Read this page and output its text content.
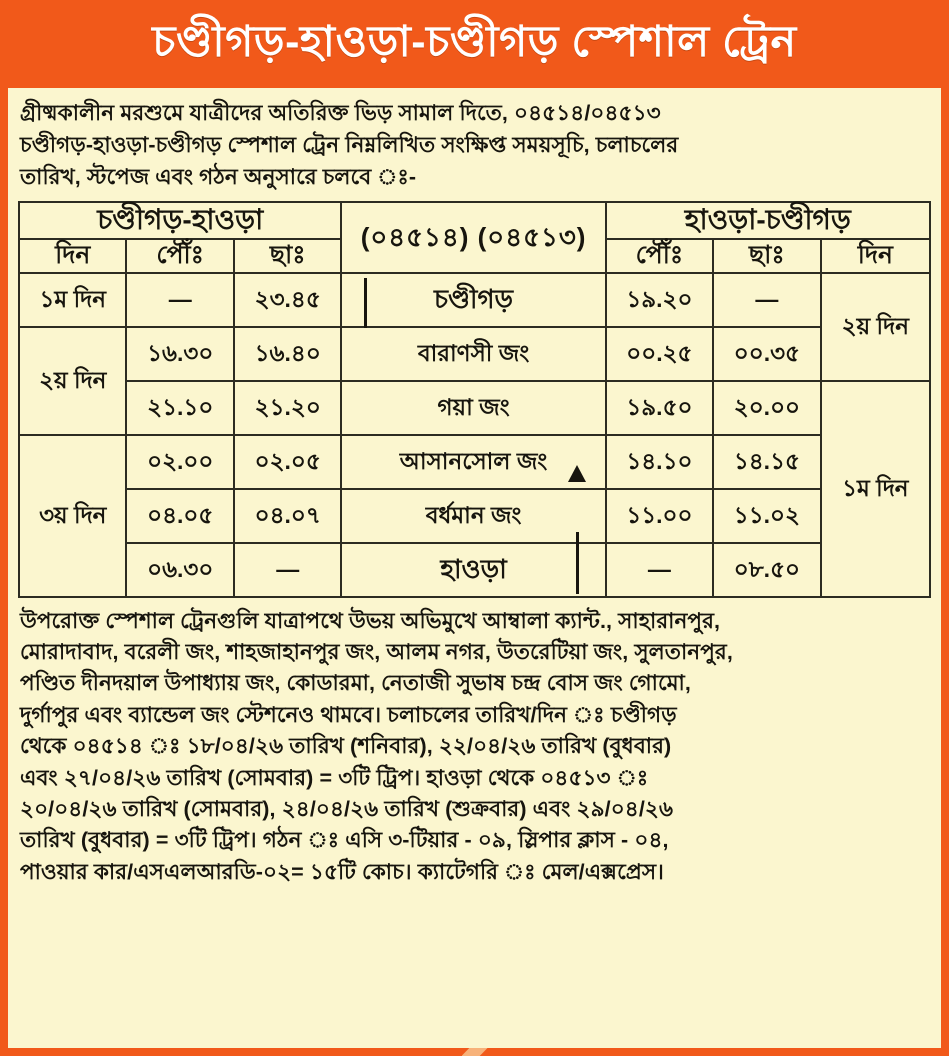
চণ্ডীগড়-হাওড়া-চণ্ডীগড় স্পেশাল ট্রেন
গ্রীষ্মকালীন মরশুমে যাত্রীদের অতিরিক্ত ভিড় সামাল দিতে, ০৪৫১৪/০৪৫১৩
চণ্ডীগড়-হাওড়া-চণ্ডীগড় স্পেশাল ট্রেন নিম্নলিখিত সংক্ষিপ্ত সময়সূচি, চলাচলের
তারিখ, স্টপেজ এবং গঠন অনুসারে চলবে ঃ-
চণ্ডীগড়-হাওড়া			(০৪৫১৪) (০৪৫১৩)	হাওড়া-চণ্ডীগড়		
দিন	পৌঁঃ	ছাঃ		পৌঁঃ	ছাঃ	দিন
১ম দিন	—	২৩.৪৫	চণ্ডীগড়	১৯.২০	—	২য় দিন
২য় দিন	১৬.৩০	১৬.৪০	বারাণসী জং	০০.২৫	০০.৩৫	
	২১.১০	২১.২০	গয়া জং	১৯.৫০	২০.০০	১ম দিন
৩য় দিন	০২.০০	০২.০৫	আসানসোল জং	১৪.১০	১৪.১৫	
	০৪.০৫	০৪.০৭	বর্ধমান জং	১১.০০	১১.০২	
	০৬.৩০	—	হাওড়া	—	০৮.৫০	
উপরোক্ত স্পেশাল ট্রেনগুলি যাত্রাপথে উভয় অভিমুখে আম্বালা ক্যান্ট., সাহারানপুর,
মোরাদাবাদ, বরেলী জং, শাহজাহানপুর জং, আলম নগর, উতরেটিয়া জং, সুলতানপুর,
পণ্ডিত দীনদয়াল উপাধ্যায় জং, কোডারমা, নেতাজী সুভাষ চন্দ্র বোস জং গোমো,
দুর্গাপুর এবং ব্যান্ডেল জং স্টেশনেও থামবে। চলাচলের তারিখ/দিন ঃ চণ্ডীগড়
থেকে ০৪৫১৪ ঃ ১৮/০৪/২৬ তারিখ (শনিবার), ২২/০৪/২৬ তারিখ (বুধবার)
এবং ২৭/০৪/২৬ তারিখ (সোমবার) = ৩টি ট্রিপ। হাওড়া থেকে ০৪৫১৩ ঃ
২০/০৪/২৬ তারিখ (সোমবার), ২৪/০৪/২৬ তারিখ (শুক্রবার) এবং ২৯/০৪/২৬
তারিখ (বুধবার) = ৩টি ট্রিপ। গঠন ঃ এসি ৩-টিয়ার - ০৯, স্লিপার ক্লাস - ০৪,
পাওয়ার কার/এসএলআরডি-০২= ১৫টি কোচ। ক্যাটেগরি ঃ মেল/এক্সপ্রেস।
